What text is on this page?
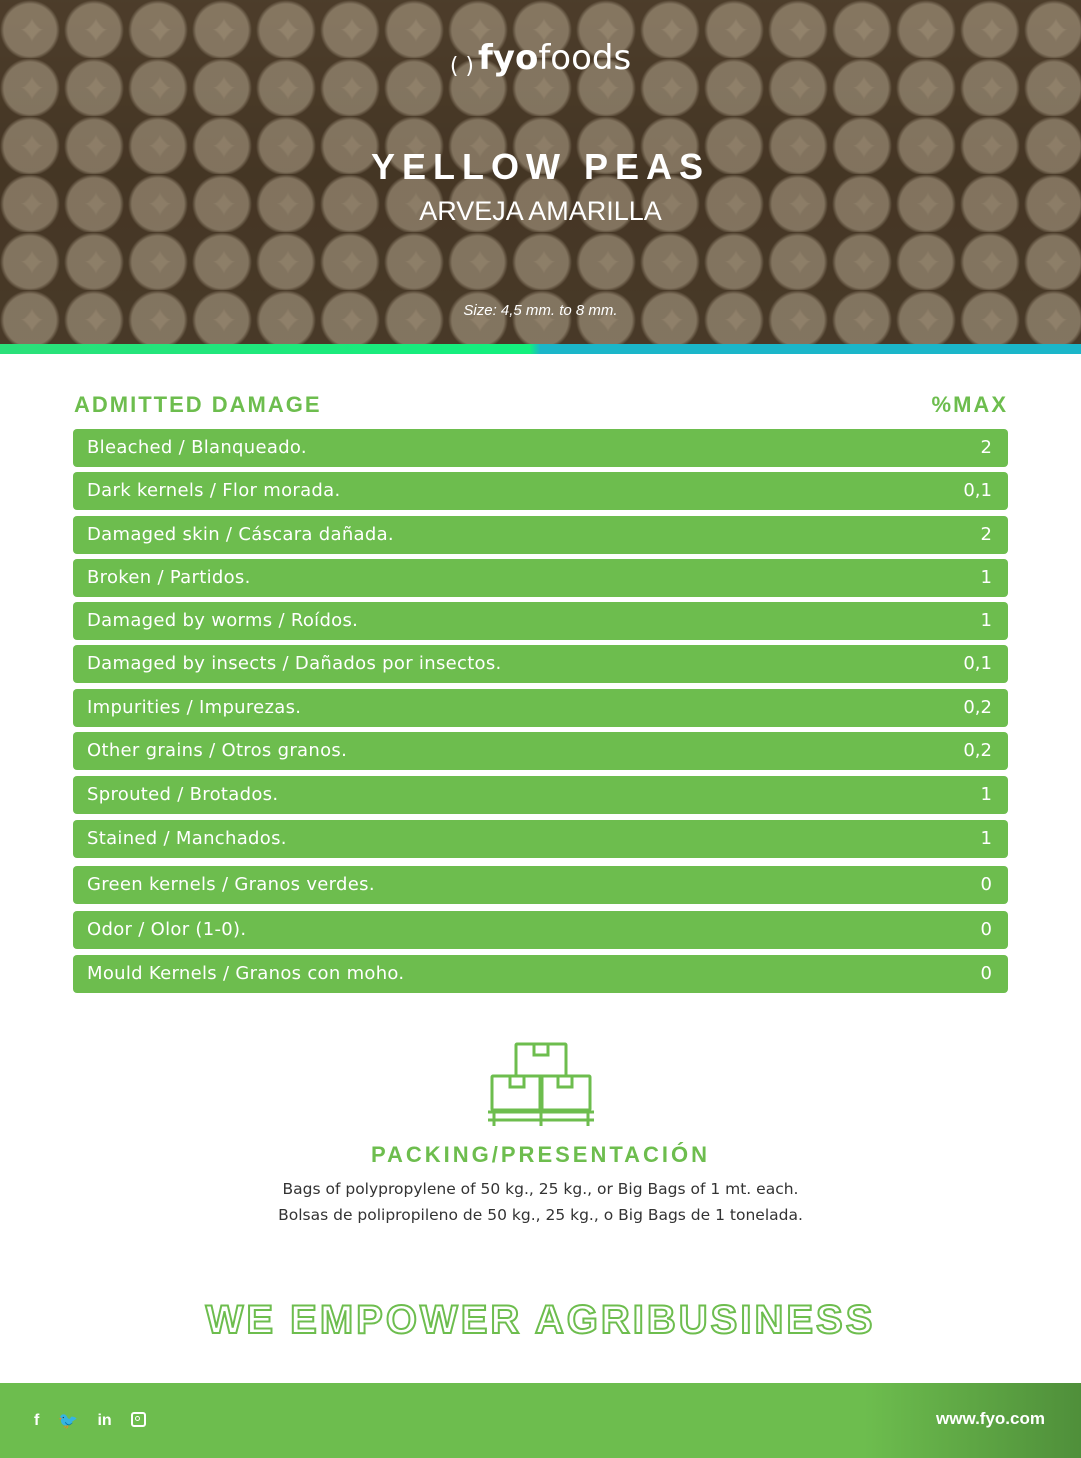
( ) fyofoods
YELLOW PEAS
ARVEJA AMARILLA
Size: 4,5 mm. to 8 mm.
ADMITTED DAMAGE	%MAX
Bleached / Blanqueado.	2
Dark kernels / Flor morada.	0,1
Damaged skin / Cáscara dañada.	2
Broken / Partidos.	1
Damaged by worms / Roídos.	1
Damaged by insects / Dañados por insectos.	0,1
Impurities / Impurezas.	0,2
Other grains / Otros granos.	0,2
Sprouted / Brotados.	1
Stained / Manchados.	1
Green kernels / Granos verdes.	0
Odor / Olor (1-0).	0
Mould Kernels / Granos con moho.	0
PACKING/PRESENTACIÓN
Bags of polypropylene of 50 kg., 25 kg., or Big Bags of 1 mt. each.
Bolsas de polipropileno de 50 kg., 25 kg., o Big Bags de 1 tonelada.
WE EMPOWER AGRIBUSINESS
f 🐦 in	www.fyo.com
